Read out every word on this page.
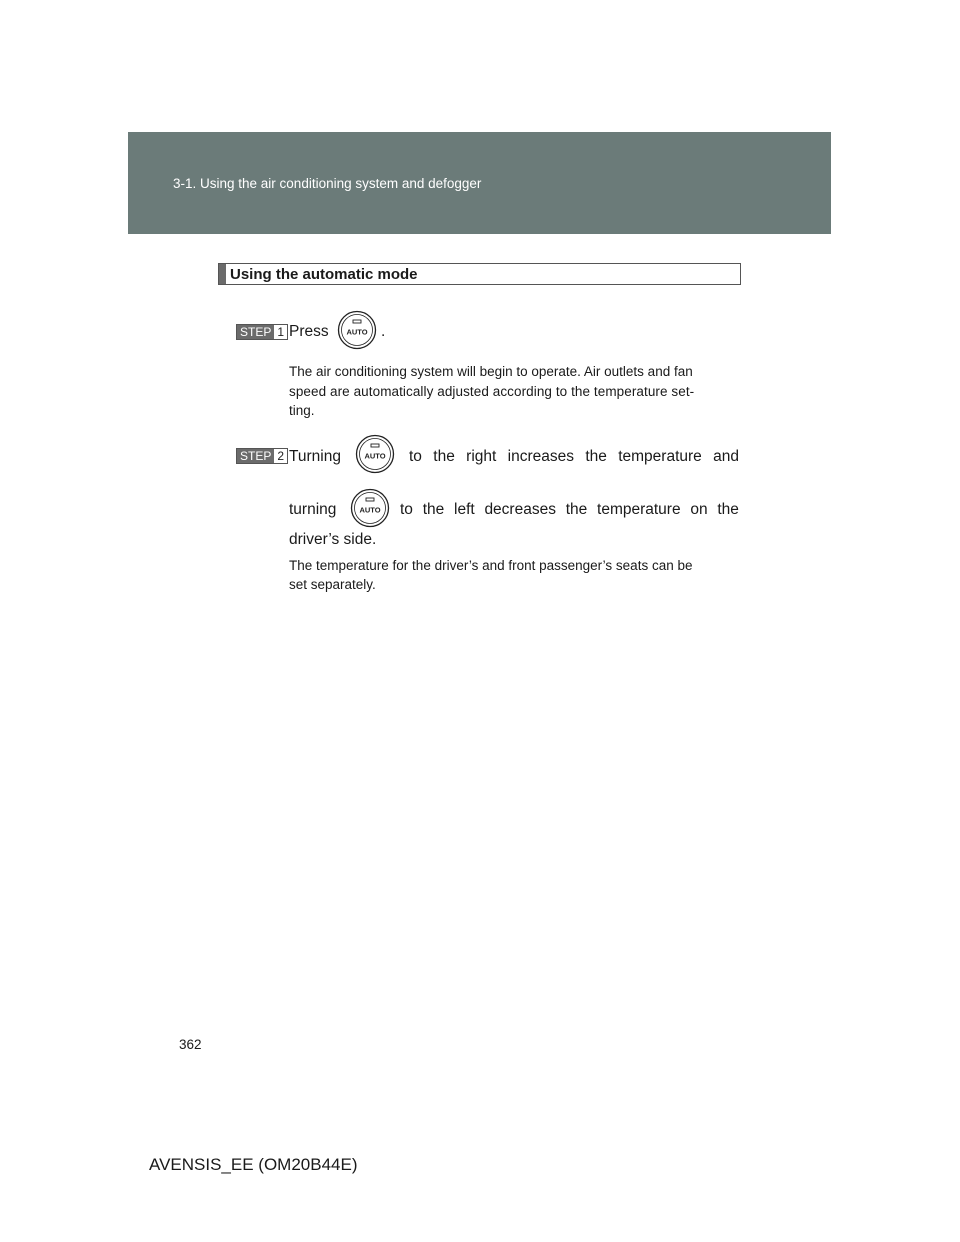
3-1. Using the air conditioning system and defogger
Using the automatic mode
STEP 1 Press AUTO .
The air conditioning system will begin to operate. Air outlets and fan
speed are automatically adjusted according to the temperature set-
ting.
STEP 2 Turning	AUTO to the right increases the temperature and
turning	AUTO to the left decreases the temperature on the
driver’s side.
The temperature for the driver’s and front passenger’s seats can be
set separately.
362
AVENSIS_EE (OM20B44E)
